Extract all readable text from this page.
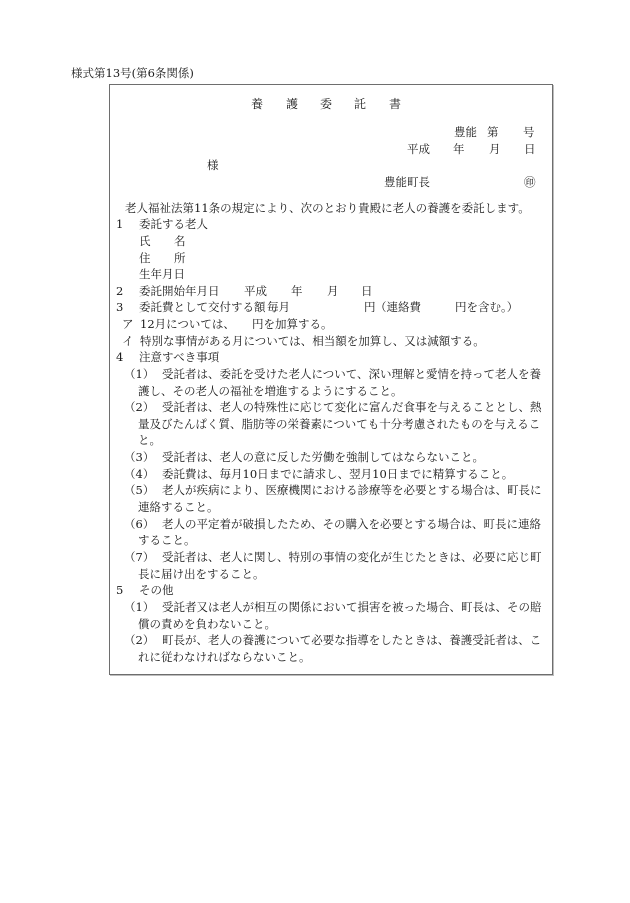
様式第13号(第6条関係)
養 護 委 託 書
豊能 第 号
平成 年 月 日
様
豊能町長	㊞
老人福祉法第11条の規定により、次のとおり貴殿に老人の養護を委託します。
1 委託する老人
氏 名
住 所
生年月日
2 委託開始年月日 平成 年 月 日
3 委託費として交付する額 毎月	円 （連絡費	円を含む。）
ア 12月については、 円を加算する。
イ 特別な事情がある月については、相当額を加算し、又は減額する。
4 注意すべき事項
（1） 受託者は、委託を受けた老人について、深い理解と愛情を持って老人を養
護し、その老人の福祉を増進するようにすること。
（2） 受託者は、老人の特殊性に応じて変化に富んだ食事を与えることとし、熱
量及びたんぱく質、脂肪等の栄養素についても十分考慮されたものを与えるこ
と。
（3） 受託者は、老人の意に反した労働を強制してはならないこと。
（4） 委託費は、毎月10日までに請求し、翌月10日までに精算すること。
（5） 老人が疾病により、医療機関における診療等を必要とする場合は、町長に
連絡すること。
（6） 老人の平定着が破損したため、その購入を必要とする場合は、町長に連絡
すること。
（7） 受託者は、老人に関し、特別の事情の変化が生じたときは、必要に応じ町
長に届け出をすること。
5 その他
（1） 受託者又は老人が相互の関係において損害を被った場合、町長は、その賠
償の責めを負わないこと。
（2） 町長が、老人の養護について必要な指導をしたときは、養護受託者は、こ
れに従わなければならないこと。
